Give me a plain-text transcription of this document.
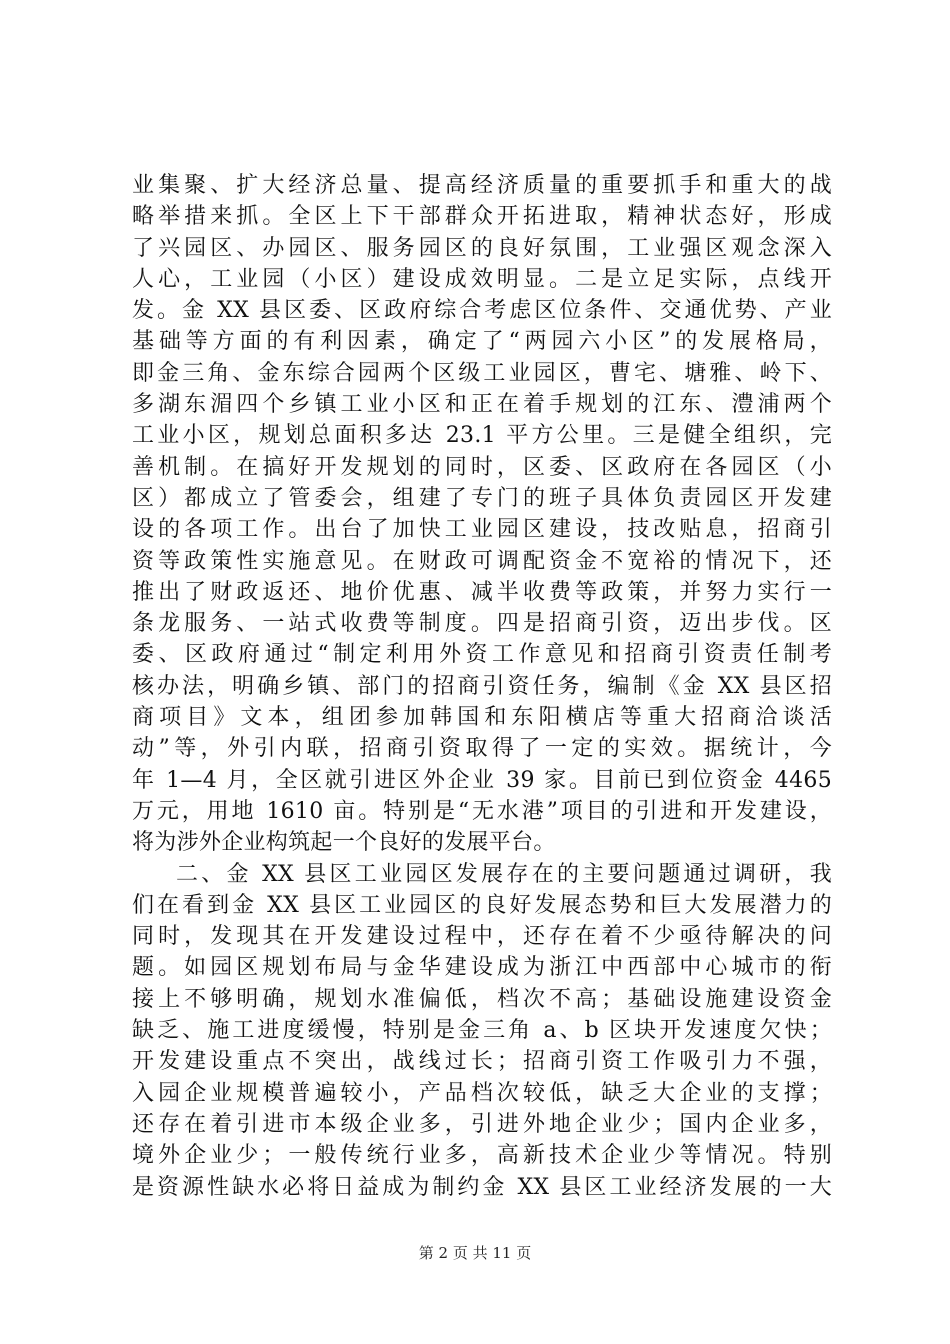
业集聚、扩大经济总量、提高经济质量的重要抓手和重大的战
略举措来抓。全区上下干部群众开拓进取，精神状态好，形成
了兴园区、办园区、服务园区的良好氛围，工业强区观念深入
人心，工业园（小区）建设成效明显。二是立足实际，点线开
发。金 XX 县区委、区政府综合考虑区位条件、交通优势、产业
基础等方面的有利因素，确定了“两园六小区”的发展格局，
即金三角、金东综合园两个区级工业园区，曹宅、塘雅、岭下、
多湖东湄四个乡镇工业小区和正在着手规划的江东、澧浦两个
工业小区，规划总面积多达 23.1 平方公里。三是健全组织，完
善机制。在搞好开发规划的同时，区委、区政府在各园区（小
区）都成立了管委会，组建了专门的班子具体负责园区开发建
设的各项工作。出台了加快工业园区建设，技改贴息，招商引
资等政策性实施意见。在财政可调配资金不宽裕的情况下，还
推出了财政返还、地价优惠、减半收费等政策，并努力实行一
条龙服务、一站式收费等制度。四是招商引资，迈出步伐。区
委、区政府通过“制定利用外资工作意见和招商引资责任制考
核办法，明确乡镇、部门的招商引资任务，编制《金 XX 县区招
商项目》文本，组团参加韩国和东阳横店等重大招商洽谈活
动”等，外引内联，招商引资取得了一定的实效。据统计，今
年 1—4 月，全区就引进区外企业 39 家。目前已到位资金 4465
万元，用地 1610 亩。特别是“无水港”项目的引进和开发建设，
将为涉外企业构筑起一个良好的发展平台。
二、金 XX 县区工业园区发展存在的主要问题通过调研，我
们在看到金 XX 县区工业园区的良好发展态势和巨大发展潜力的
同时，发现其在开发建设过程中，还存在着不少亟待解决的问
题。如园区规划布局与金华建设成为浙江中西部中心城市的衔
接上不够明确，规划水准偏低，档次不高；基础设施建设资金
缺乏、施工进度缓慢，特别是金三角 a、b 区块开发速度欠快；
开发建设重点不突出，战线过长；招商引资工作吸引力不强，
入园企业规模普遍较小，产品档次较低，缺乏大企业的支撑；
还存在着引进市本级企业多，引进外地企业少；国内企业多，
境外企业少；一般传统行业多，高新技术企业少等情况。特别
是资源性缺水必将日益成为制约金 XX 县区工业经济发展的一大
第 2 页 共 11 页
